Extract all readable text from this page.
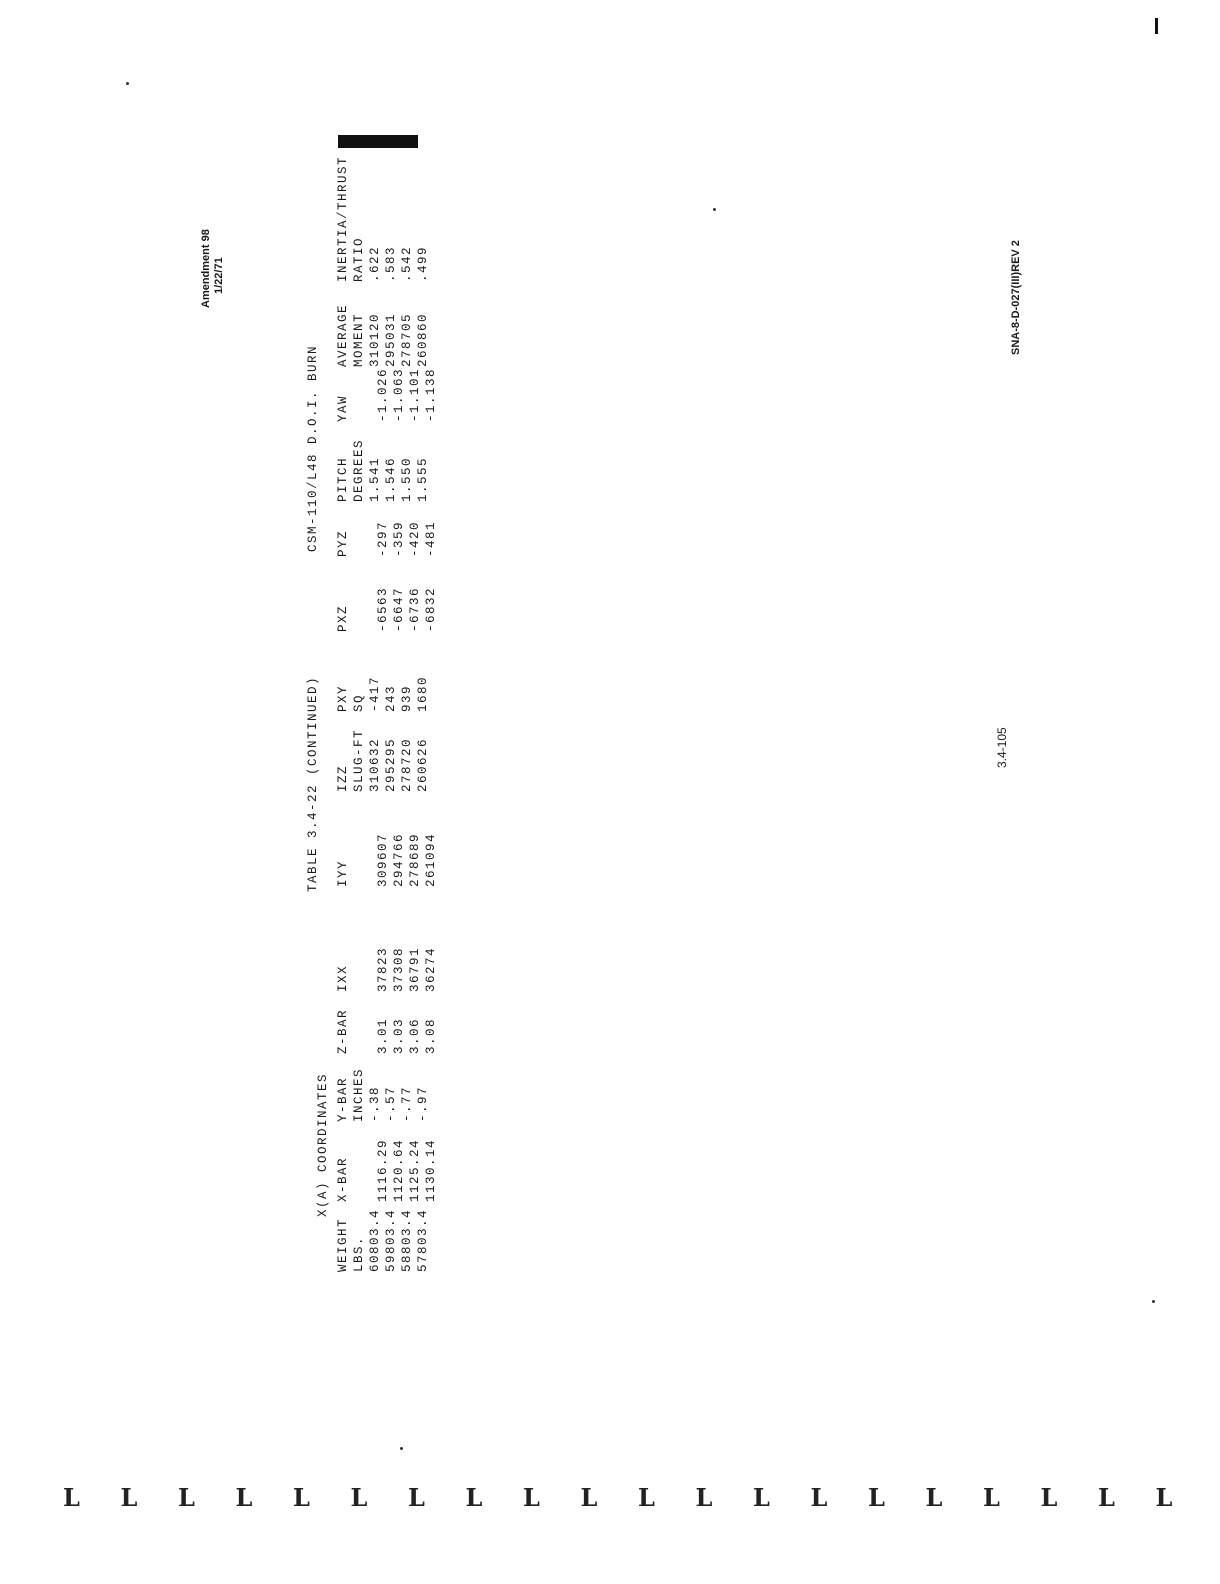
Amendment 98 1/22/71	SNA-8-D-027(III)REV 2
3.4-105
TABLE 3.4-22 (CONTINUED)
CSM-110/L48 D.O.I. BURN
X(A) COORDINATES
WEIGHT LBS. 60803.4 59803.4 58803.4 57803.4
X-BAR
1116.29 1120.64 1125.24 1130.14
Y-BAR INCHES -.38 -.57 -.77 -.97
Z-BAR
3.01 3.03 3.06 3.08
IXX
37823 37308 36791 36274
IYY
309607 294766 278689 261094
IZZ SLUG-FT 310632 295295 278720 260626
PXY SQ -417 243 939 1680
PXZ
-6563 -6647 -6736 -6832
PYZ
-297 -359 -420 -481
PITCH DEGREES 1.541 1.546 1.550 1.555
YAW
-1.026 -1.063 -1.101 -1.138
AVERAGE MOMENT 310120 295031 278705 260860
INERTIA/THRUST RATIO .622 .583 .542 .499
L L L L L L L L L L L L L L L L L L L L
